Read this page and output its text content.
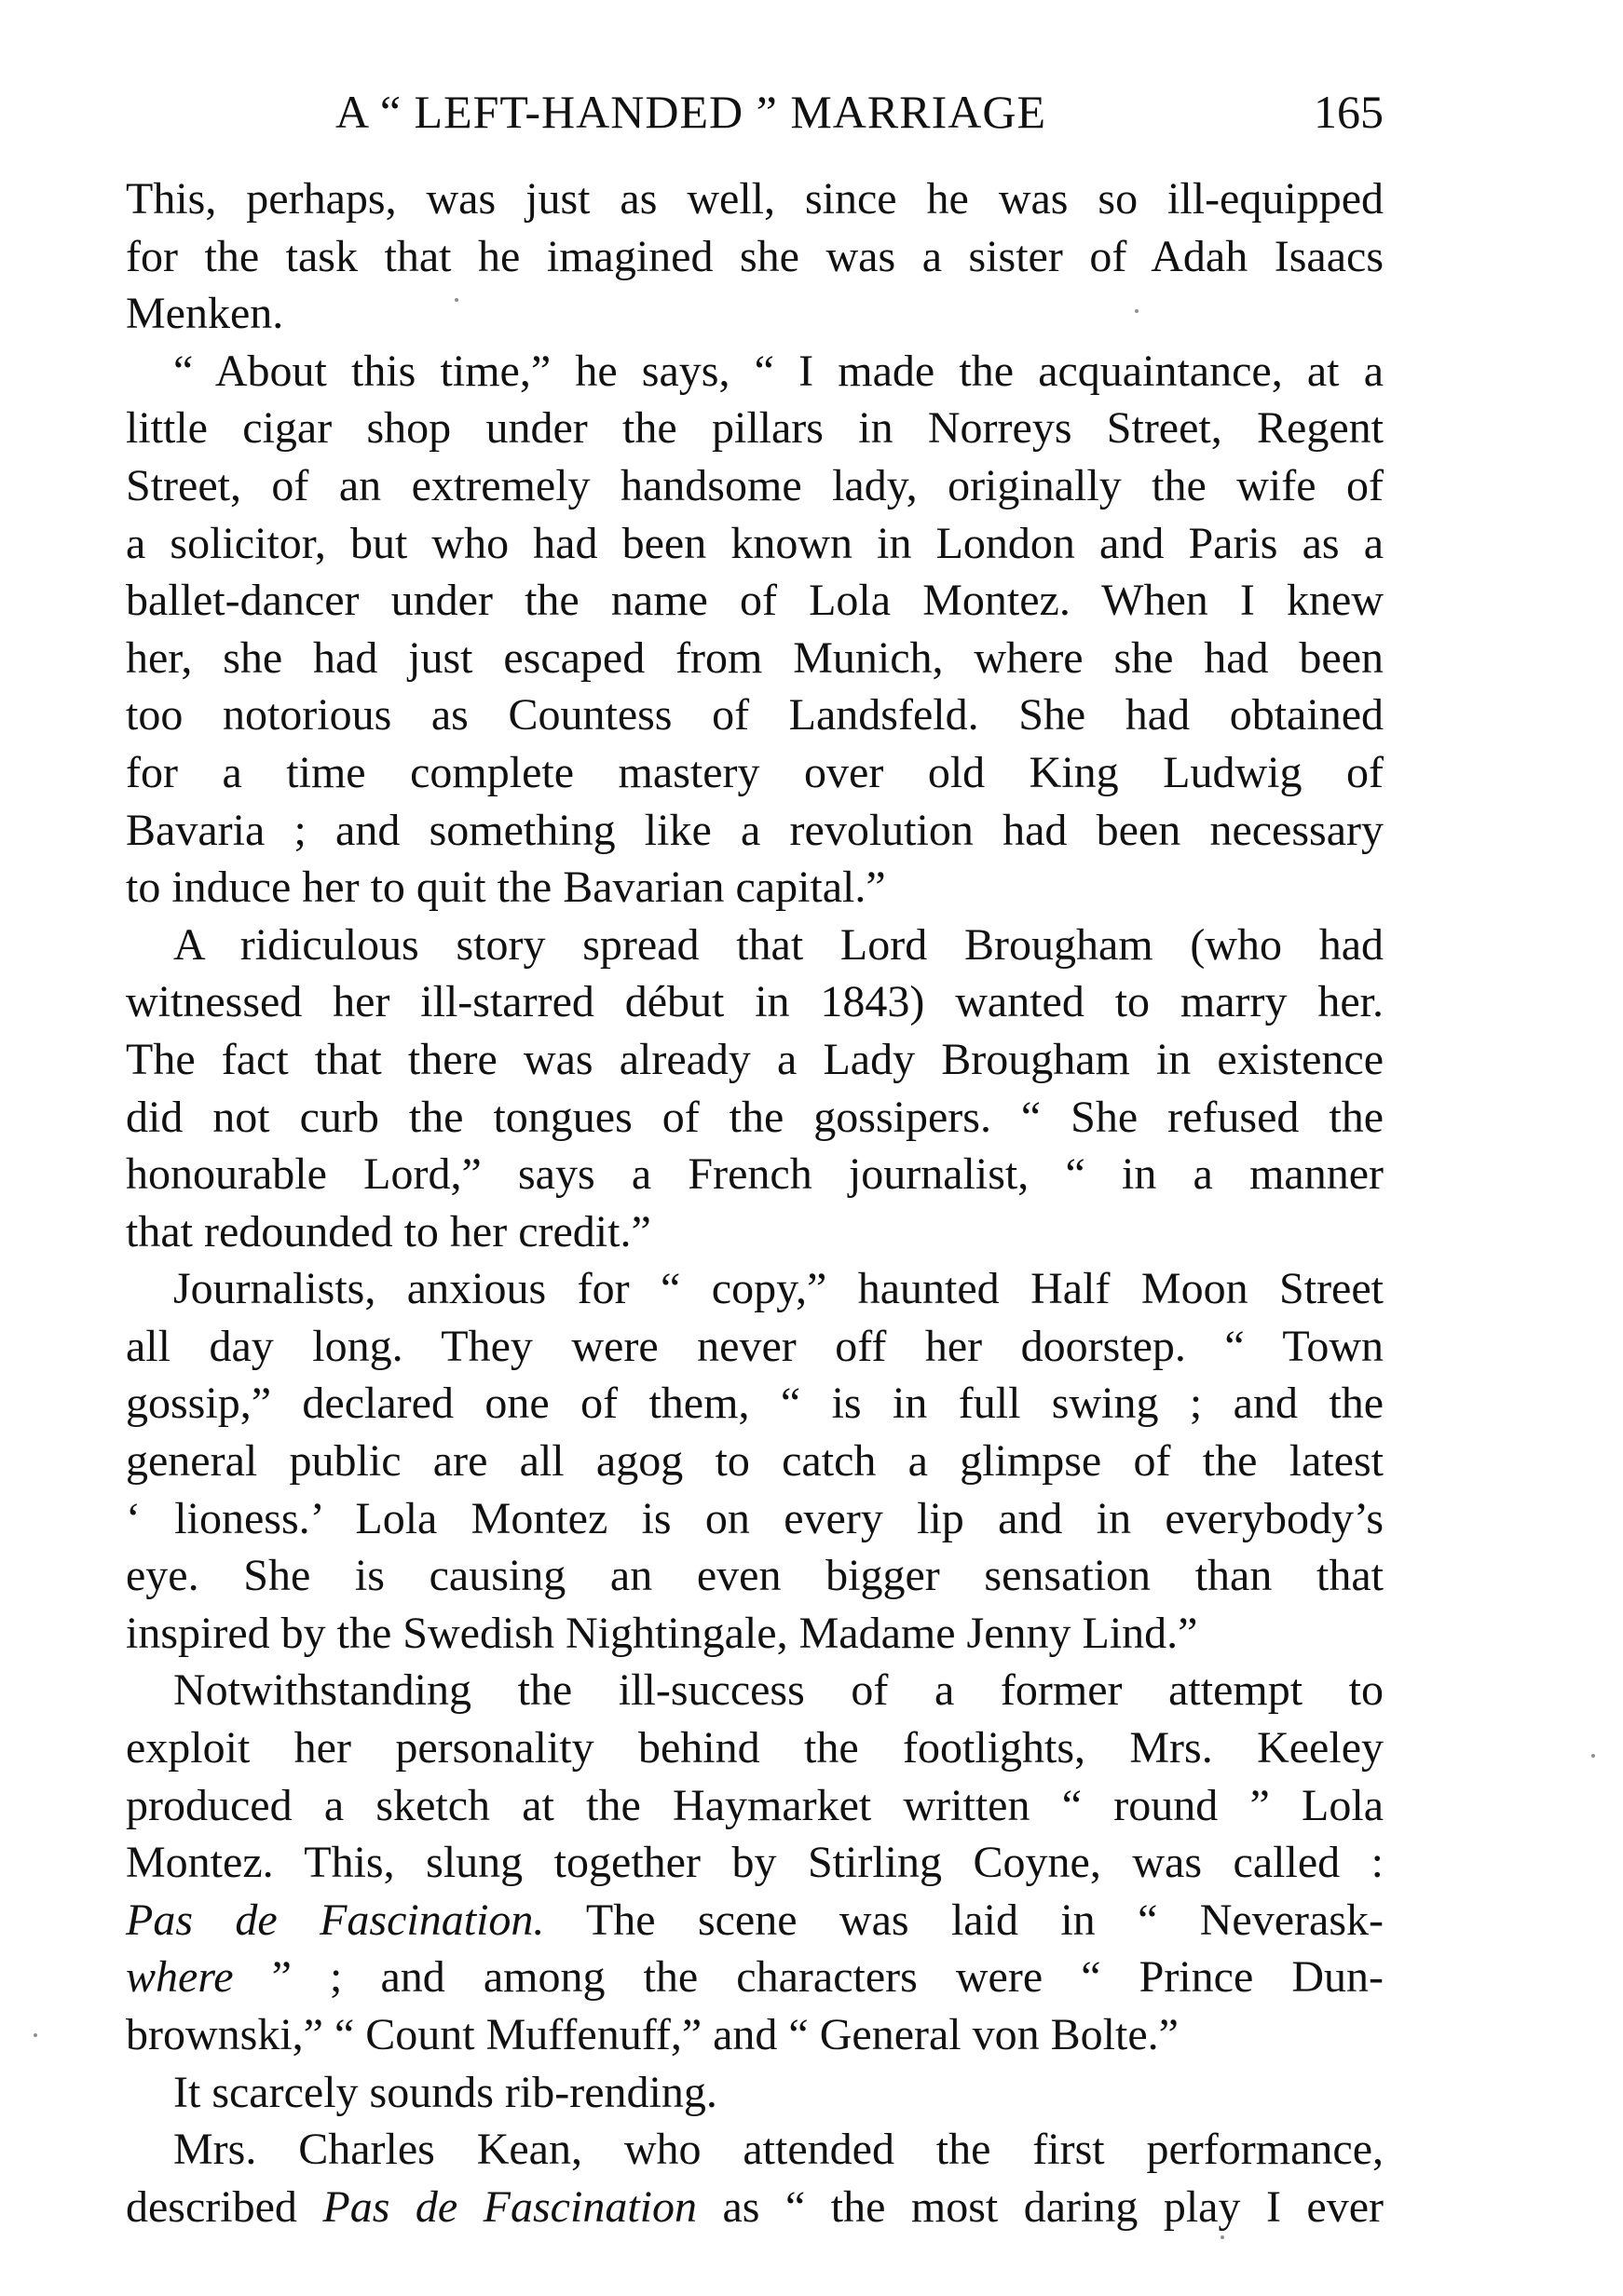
A “ LEFT-HANDED ” MARRIAGE	165
This, perhaps, was just as well, since he was so ill-equipped
for the task that he imagined she was a sister of Adah Isaacs
Menken.
“ About this time,” he says, “ I made the acquaintance, at a
little cigar shop under the pillars in Norreys Street, Regent
Street, of an extremely handsome lady, originally the wife of
a solicitor, but who had been known in London and Paris as a
ballet-dancer under the name of Lola Montez. When I knew
her, she had just escaped from Munich, where she had been
too notorious as Countess of Landsfeld. She had obtained
for a time complete mastery over old King Ludwig of
Bavaria ; and something like a revolution had been necessary
to induce her to quit the Bavarian capital.”
A ridiculous story spread that Lord Brougham (who had
witnessed her ill-starred début in 1843) wanted to marry her.
The fact that there was already a Lady Brougham in existence
did not curb the tongues of the gossipers. “ She refused the
honourable Lord,” says a French journalist, “ in a manner
that redounded to her credit.”
Journalists, anxious for “ copy,” haunted Half Moon Street
all day long. They were never off her doorstep. “ Town
gossip,” declared one of them, “ is in full swing ; and the
general public are all agog to catch a glimpse of the latest
‘ lioness.’ Lola Montez is on every lip and in everybody’s
eye. She is causing an even bigger sensation than that
inspired by the Swedish Nightingale, Madame Jenny Lind.”
Notwithstanding the ill-success of a former attempt to
exploit her personality behind the footlights, Mrs. Keeley
produced a sketch at the Haymarket written “ round ” Lola
Montez. This, slung together by Stirling Coyne, was called :
Pas de Fascination. The scene was laid in “ Neverask-
where ” ; and among the characters were “ Prince Dun-
brownski,” “ Count Muffenuff,” and “ General von Bolte.”
It scarcely sounds rib-rending.
Mrs. Charles Kean, who attended the first performance,
described Pas de Fascination as “ the most daring play I ever
